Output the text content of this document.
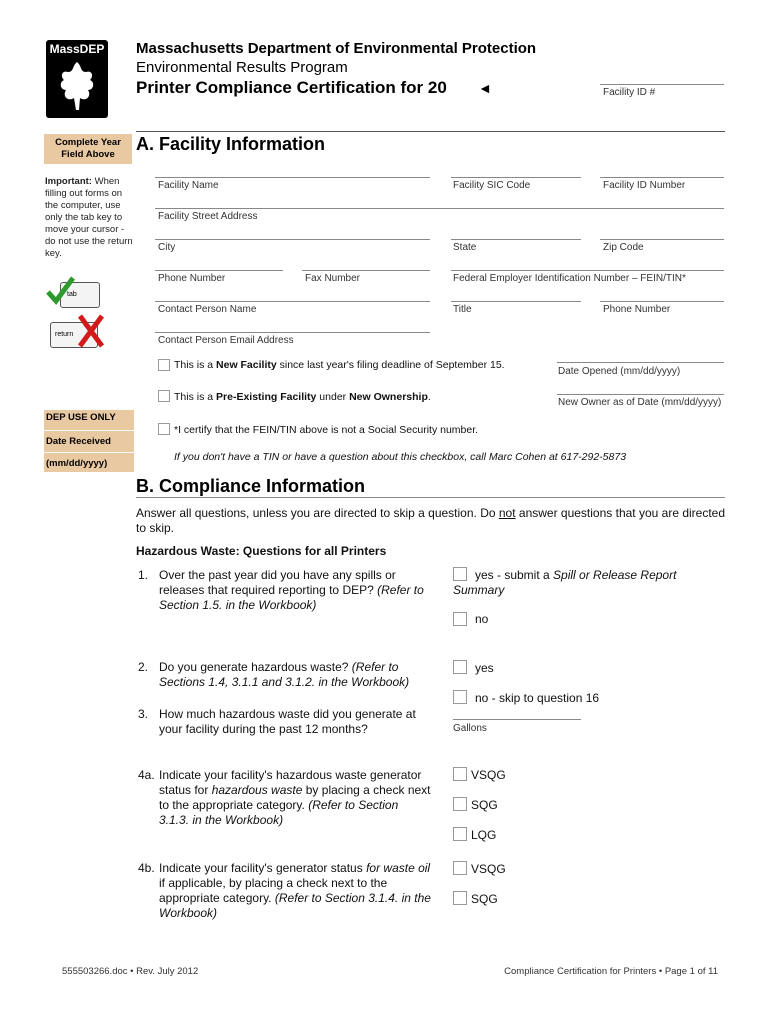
MassDEP Massachusetts Department of Environmental Protection
Environmental Results Program
Printer Compliance Certification for 20 ◄	Facility ID #
Complete Year Field Above
Important: When filling out forms on the computer, use only the tab key to move your cursor - do not use the return key.
tab
return
DEP USE ONLY
Date Received
(mm/dd/yyyy)
A. Facility Information
Facility Name	Facility SIC Code	Facility ID Number
Facility Street Address
City	State	Zip Code
Phone Number	Fax Number	Federal Employer Identification Number – FEIN/TIN*
Contact Person Name	Title	Phone Number
Contact Person Email Address
This is a New Facility since last year's filing deadline of September 15.
Date Opened (mm/dd/yyyy)
This is a Pre-Existing Facility under New Ownership.	New Owner as of Date (mm/dd/yyyy)
*I certify that the FEIN/TIN above is not a Social Security number.
If you don't have a TIN or have a question about this checkbox, call Marc Cohen at 617-292-5873
B. Compliance Information
Answer all questions, unless you are directed to skip a question. Do not answer questions that you are directed to skip.
Hazardous Waste: Questions for all Printers
1. Over the past year did you have any spills or releases that required reporting to DEP? (Refer to Section 1.5. in the Workbook)
yes - submit a Spill or Release Report Summary
no
2. Do you generate hazardous waste? (Refer to Sections 1.4, 3.1.1 and 3.1.2. in the Workbook)
yes
no - skip to question 16
3. How much hazardous waste did you generate at your facility during the past 12 months?	Gallons
4a. Indicate your facility's hazardous waste generator status for hazardous waste by placing a check next to the appropriate category. (Refer to Section 3.1.3. in the Workbook)
VSQG
SQG
LQG
4b. Indicate your facility's generator status for waste oil if applicable, by placing a check next to the appropriate category. (Refer to Section 3.1.4. in the Workbook)
VSQG
SQG
555503266.doc • Rev. July 2012	Compliance Certification for Printers • Page 1 of 11
